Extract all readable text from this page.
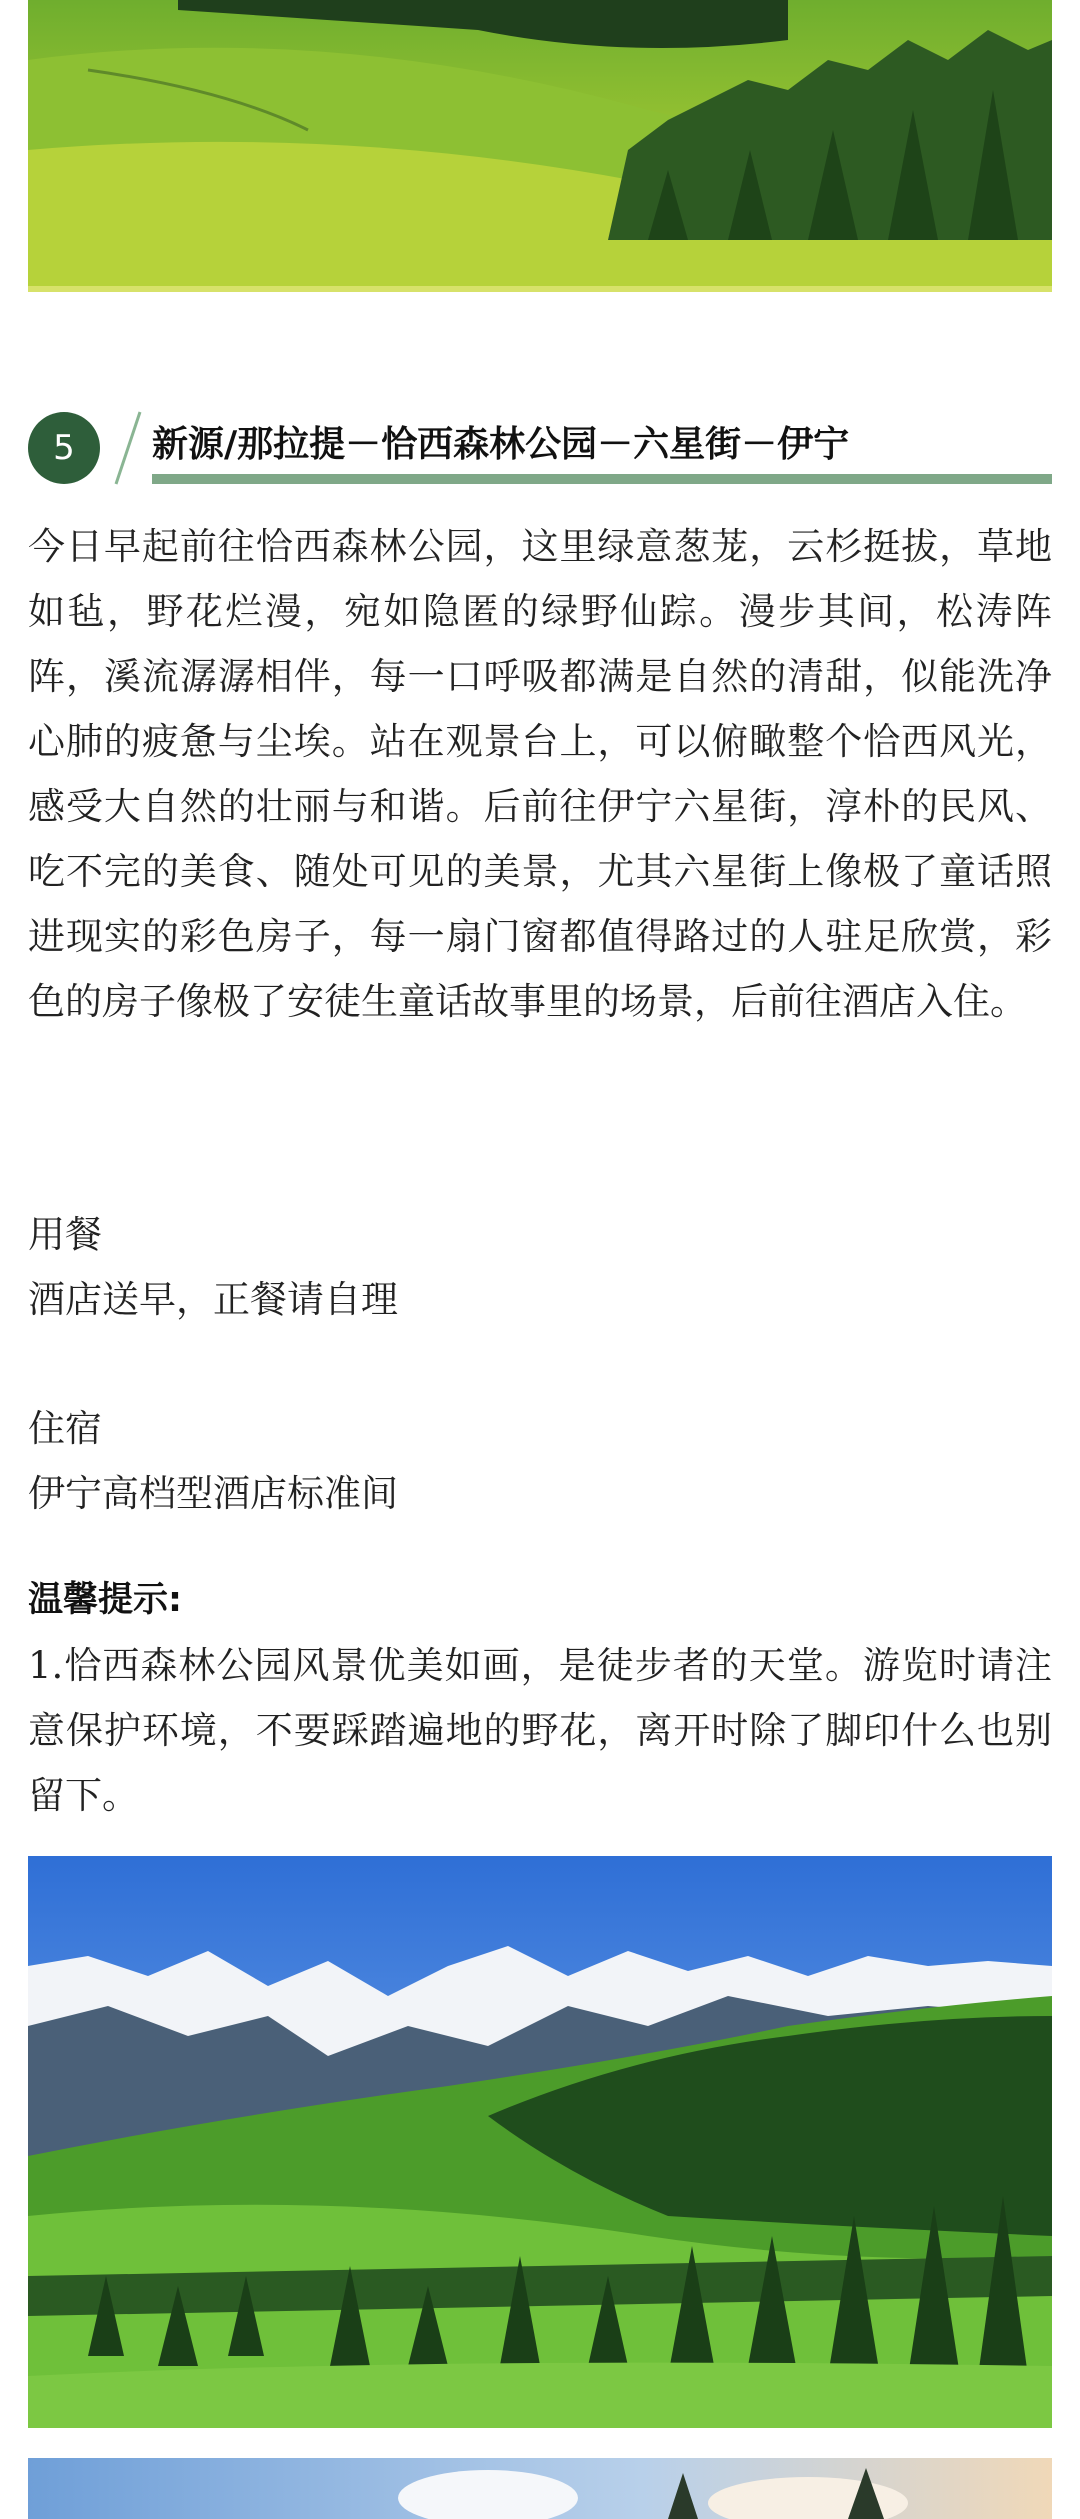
5	新源/那拉提－恰西森林公园－六星街－伊宁

今日早起前往恰西森林公园，这里绿意葱茏，云杉挺拔，草地如毡，野花烂漫，宛如隐匿的绿野仙踪。漫步其间，松涛阵阵，溪流潺潺相伴，每一口呼吸都满是自然的清甜，似能洗净心肺的疲惫与尘埃。站在观景台上，可以俯瞰整个恰西风光，感受大自然的壮丽与和谐。后前往伊宁六星街，淳朴的民风、吃不完的美食、随处可见的美景，尤其六星街上像极了童话照进现实的彩色房子，每一扇门窗都值得路过的人驻足欣赏，彩色的房子像极了安徒生童话故事里的场景，后前往酒店入住。

用餐

酒店送早，正餐请自理

住宿

伊宁高档型酒店标准间

温馨提示:

1.恰西森林公园风景优美如画，是徒步者的天堂。游览时请注意保护环境，不要踩踏遍地的野花，离开时除了脚印什么也别留下。
